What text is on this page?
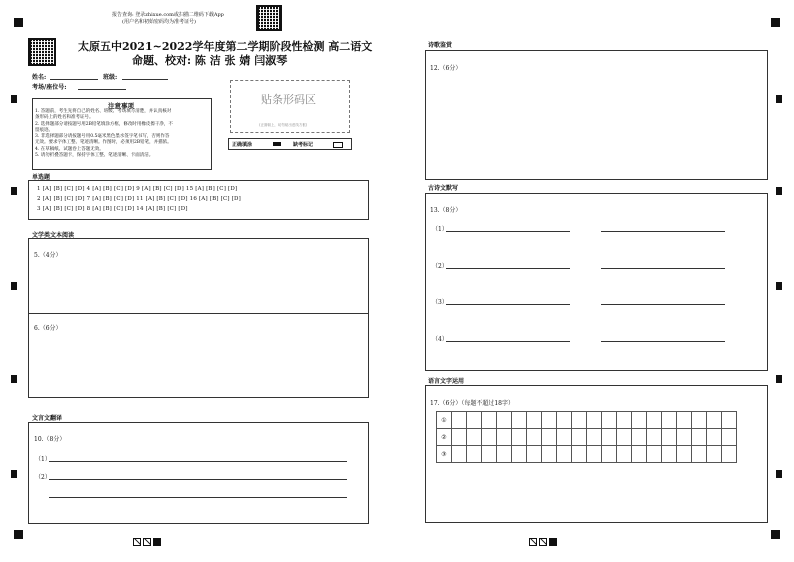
报告查询: 登录zhixue.com或扫描二维码下载App
(用户名和初始密码均为准考证号)
太原五中2021~2022学年度第二学期阶段性检测 高二语文
命题、校对: 陈 洁 张 婧 闫淑琴
姓名:	班级:
考场/座位号:
贴条形码区
(正面朝上，切勿贴出虚线方框)
正确填涂	缺考标记
注意事项
1. 答题前，考生先将自己的姓名、班级、考场填写清楚，并认真核对
条形码上的姓名和准考证号。
2. 选择题部分请按题号用2B铅笔填涂方框，修改时用橡皮擦干净，不
留痕迹。
3. 非选择题部分请按题号用0.5毫米黑色墨水签字笔书写，否则作答
无效。要求字体工整、笔迹清晰。作图时，必须用2B铅笔，并描浓。
4. 在草稿纸、试题卷上答题无效。
5. 请勿折叠答题卡，保持字体工整、笔迹清晰、卡面清洁。
单选题
1 [A] [B] [C] [D] 4 [A] [B] [C] [D] 9 [A] [B] [C] [D] 15 [A] [B] [C] [D]
2 [A] [B] [C] [D] 7 [A] [B] [C] [D] 11 [A] [B] [C] [D] 16 [A] [B] [C] [D]
3 [A] [B] [C] [D] 8 [A] [B] [C] [D] 14 [A] [B] [C] [D]
文学类文本阅读
5.（4分）
6.（6分）
文言文翻译
10.（8分）
（1）
（2）
诗歌鉴赏
12.（6分）
古诗文默写
13.（8分）
（1）
（2）
（3）
（4）
语言文字运用
17.（6分）（每题不超过18字）
①																			
②																			
③																			
